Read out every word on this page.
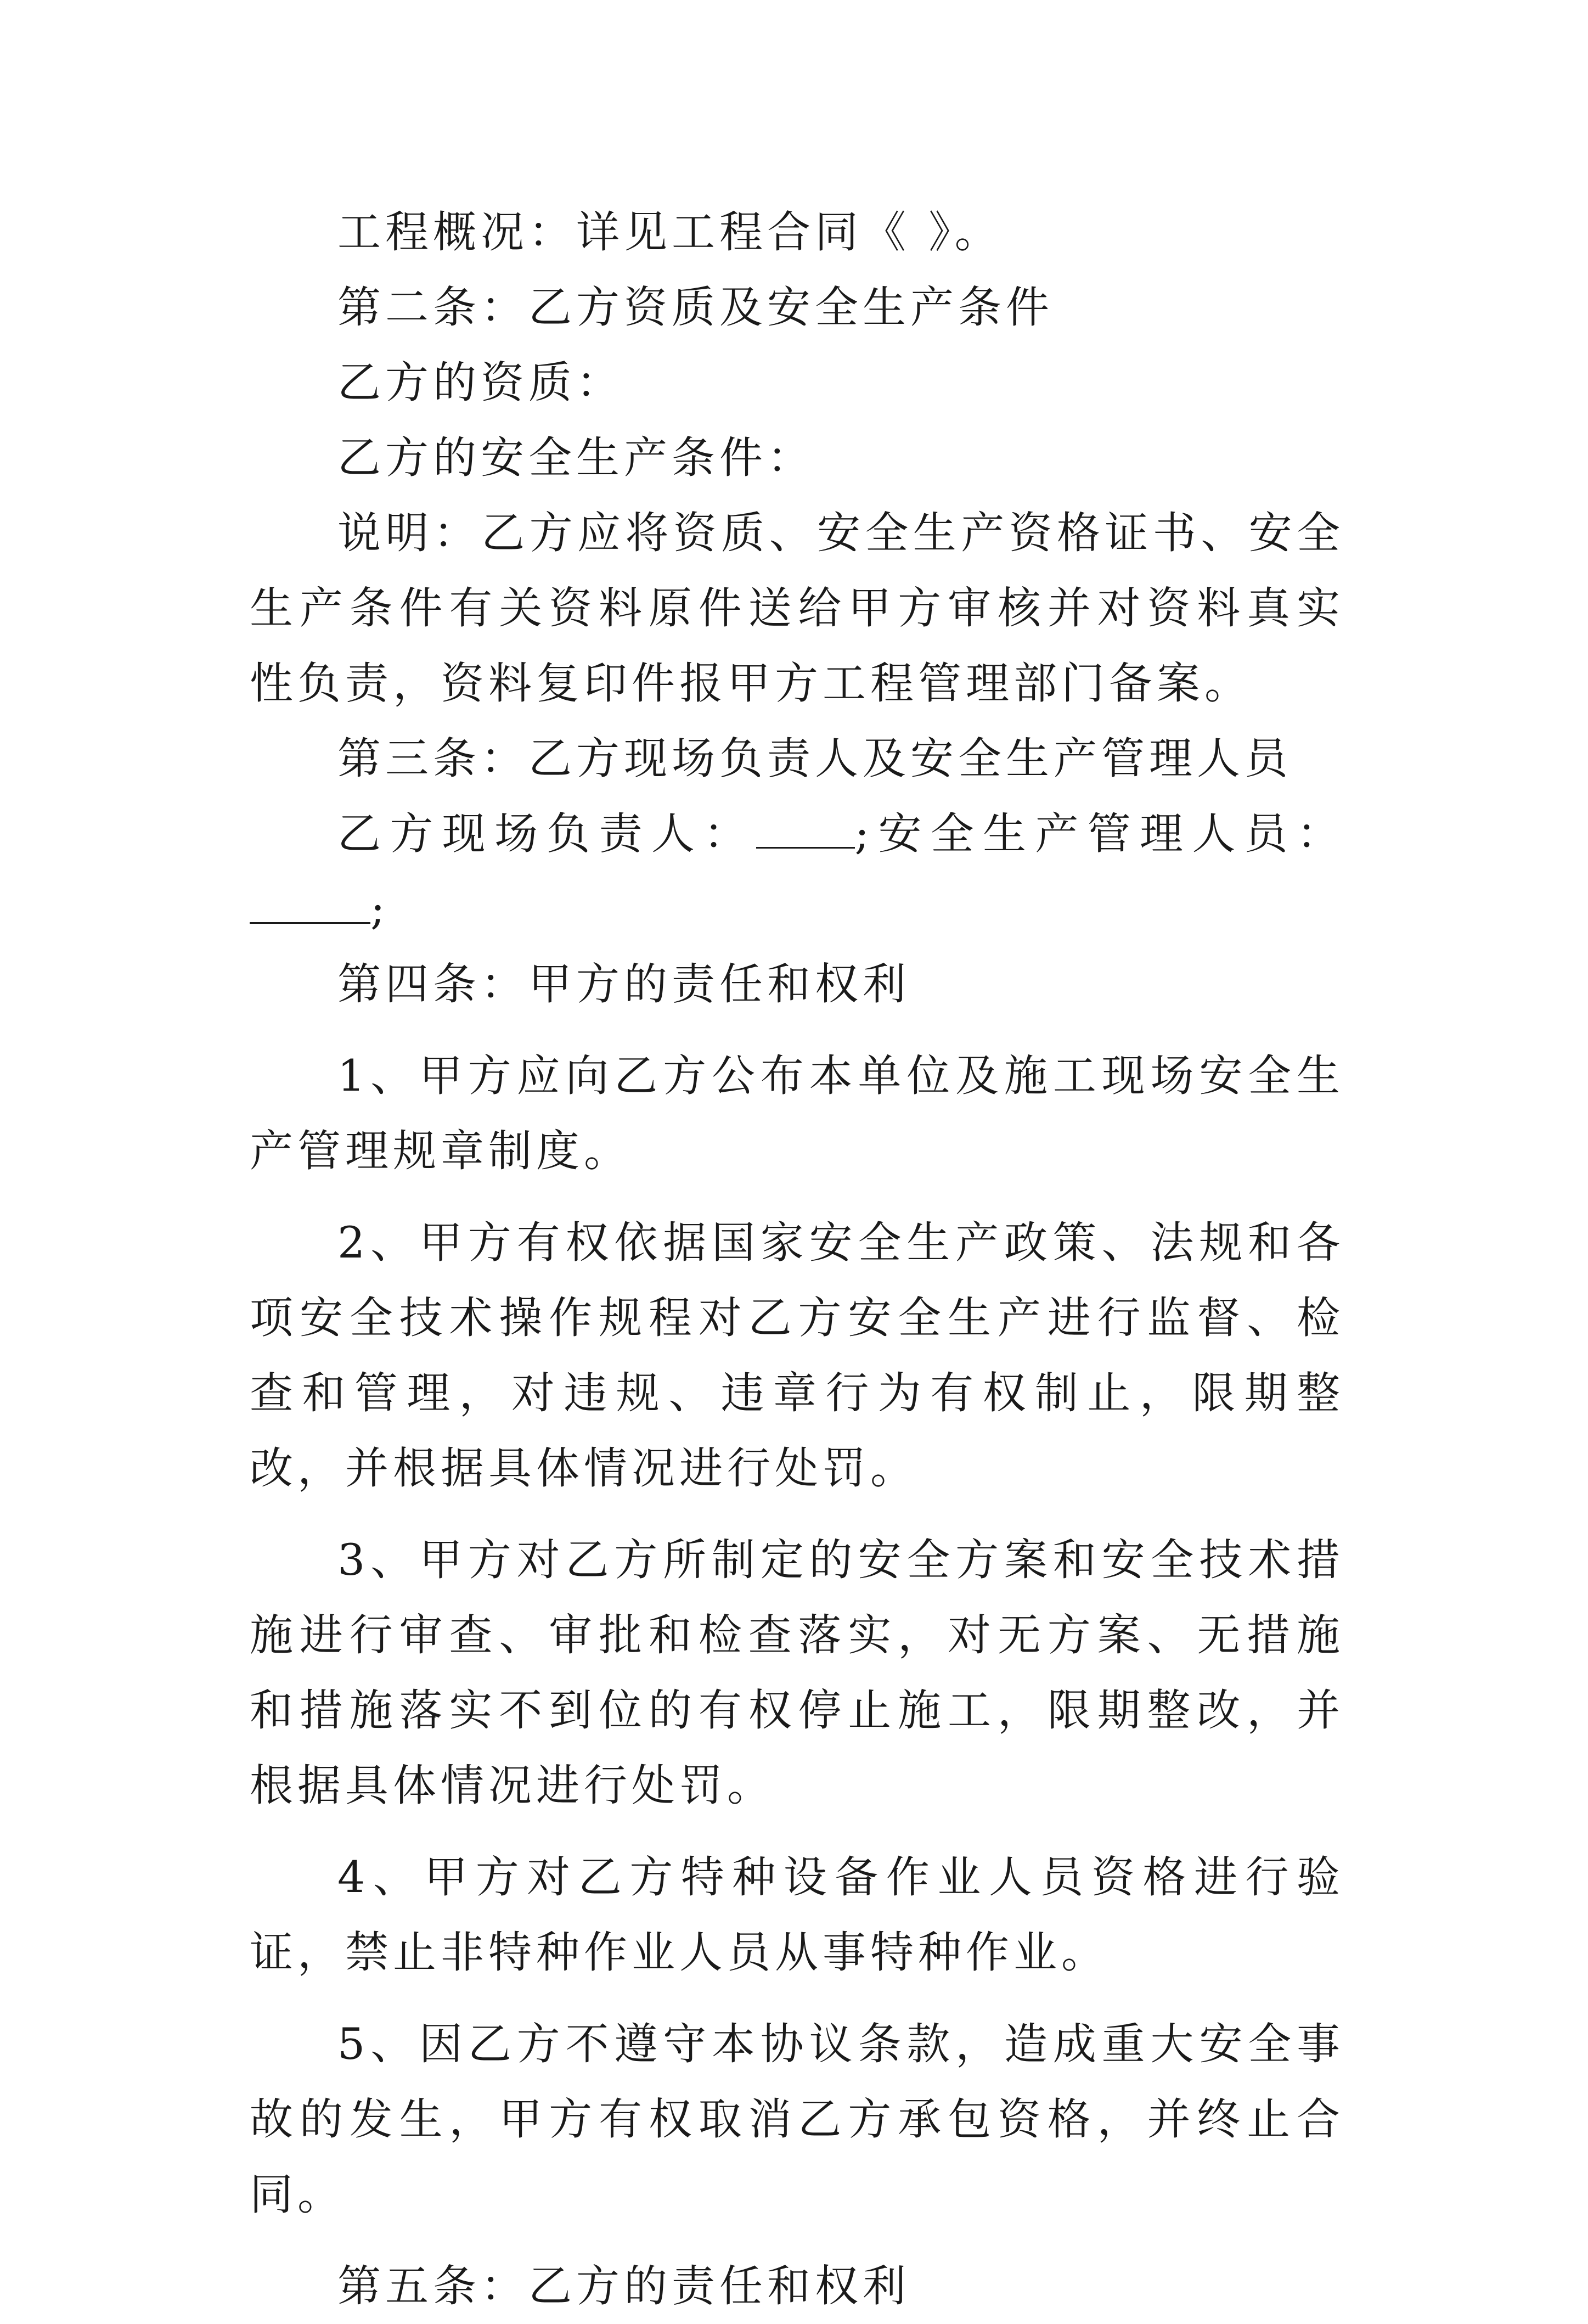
工程概况：详见工程合同《 》。

第二条：乙方资质及安全生产条件

乙方的资质：

乙方的安全生产条件：

说明：乙方应将资质、安全生产资格证书、安全生产条件有关资料原件送给甲方审核并对资料真实性负责，资料复印件报甲方工程管理部门备案。

第三条：乙方现场负责人及安全生产管理人员

乙方现场负责人： ;安全生产管理人员：;

第四条：甲方的责任和权利

1、甲方应向乙方公布本单位及施工现场安全生产管理规章制度。

2、甲方有权依据国家安全生产政策、法规和各项安全技术操作规程对乙方安全生产进行监督、检查和管理，对违规、违章行为有权制止，限期整改，并根据具体情况进行处罚。

3、甲方对乙方所制定的安全方案和安全技术措施进行审查、审批和检查落实，对无方案、无措施和措施落实不到位的有权停止施工，限期整改，并根据具体情况进行处罚。

4、甲方对乙方特种设备作业人员资格进行验证，禁止非特种作业人员从事特种作业。

5、因乙方不遵守本协议条款，造成重大安全事故的发生，甲方有权取消乙方承包资格，并终止合同。

第五条：乙方的责任和权利
